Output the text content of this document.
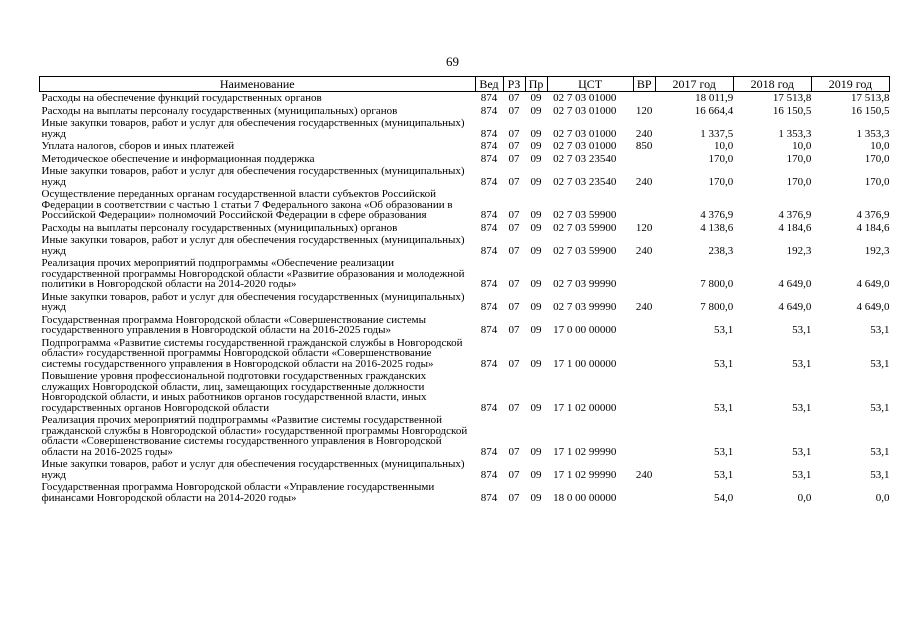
69
Наименование	Вед	РЗ	Пр	ЦСТ	ВР	2017 год	2018 год	2019 год
Расходы на обеспечение функций государственных органов	874	07	09	02 7 03 01000		18 011,9	17 513,8	17 513,8
Расходы на выплаты персоналу государственных (муниципальных) органов	874	07	09	02 7 03 01000	120	16 664,4	16 150,5	16 150,5
Иные закупки товаров, работ и услуг для обеспечения государственных (муниципальных) нужд	874	07	09	02 7 03 01000	240	1 337,5	1 353,3	1 353,3
Уплата налогов, сборов и иных платежей	874	07	09	02 7 03 01000	850	10,0	10,0	10,0
Методическое обеспечение и информационная поддержка	874	07	09	02 7 03 23540		170,0	170,0	170,0
Иные закупки товаров, работ и услуг для обеспечения государственных (муниципальных) нужд	874	07	09	02 7 03 23540	240	170,0	170,0	170,0
Осуществление переданных органам государственной власти субъектов Российской Федерации в соответствии с частью 1 статьи 7 Федерального закона «Об образовании в Российской Федерации» полномочий Российской Федерации в сфере образования	874	07	09	02 7 03 59900		4 376,9	4 376,9	4 376,9
Расходы на выплаты персоналу государственных (муниципальных) органов	874	07	09	02 7 03 59900	120	4 138,6	4 184,6	4 184,6
Иные закупки товаров, работ и услуг для обеспечения государственных (муниципальных) нужд	874	07	09	02 7 03 59900	240	238,3	192,3	192,3
Реализация прочих мероприятий подпрограммы «Обеспечение реализации государственной программы Новгородской области «Развитие образования и молодежной политики в Новгородской области на 2014-2020 годы»	874	07	09	02 7 03 99990		7 800,0	4 649,0	4 649,0
Иные закупки товаров, работ и услуг для обеспечения государственных (муниципальных) нужд	874	07	09	02 7 03 99990	240	7 800,0	4 649,0	4 649,0
Государственная программа Новгородской области «Совершенствование системы государственного управления в Новгородской области на 2016-2025 годы»	874	07	09	17 0 00 00000		53,1	53,1	53,1
Подпрограмма «Развитие системы государственной гражданской службы в Новгородской области» государственной программы Новгородской области «Совершенствование системы государственного управления в Новгородской области на 2016-2025 годы»	874	07	09	17 1 00 00000		53,1	53,1	53,1
Повышение уровня профессиональной подготовки государственных гражданских служащих Новгородской области, лиц, замещающих государственные должности Новгородской области, и иных работников органов государственной власти, иных государственных органов Новгородской области	874	07	09	17 1 02 00000		53,1	53,1	53,1
Реализация прочих мероприятий подпрограммы «Развитие системы государственной гражданской службы в Новгородской области» государственной программы Новгородской области «Совершенствование системы государственного управления в Новгородской области на 2016-2025 годы»	874	07	09	17 1 02 99990		53,1	53,1	53,1
Иные закупки товаров, работ и услуг для обеспечения государственных (муниципальных) нужд	874	07	09	17 1 02 99990	240	53,1	53,1	53,1
Государственная программа Новгородской области «Управление государственными финансами Новгородской области на 2014-2020 годы»	874	07	09	18 0 00 00000		54,0	0,0	0,0
